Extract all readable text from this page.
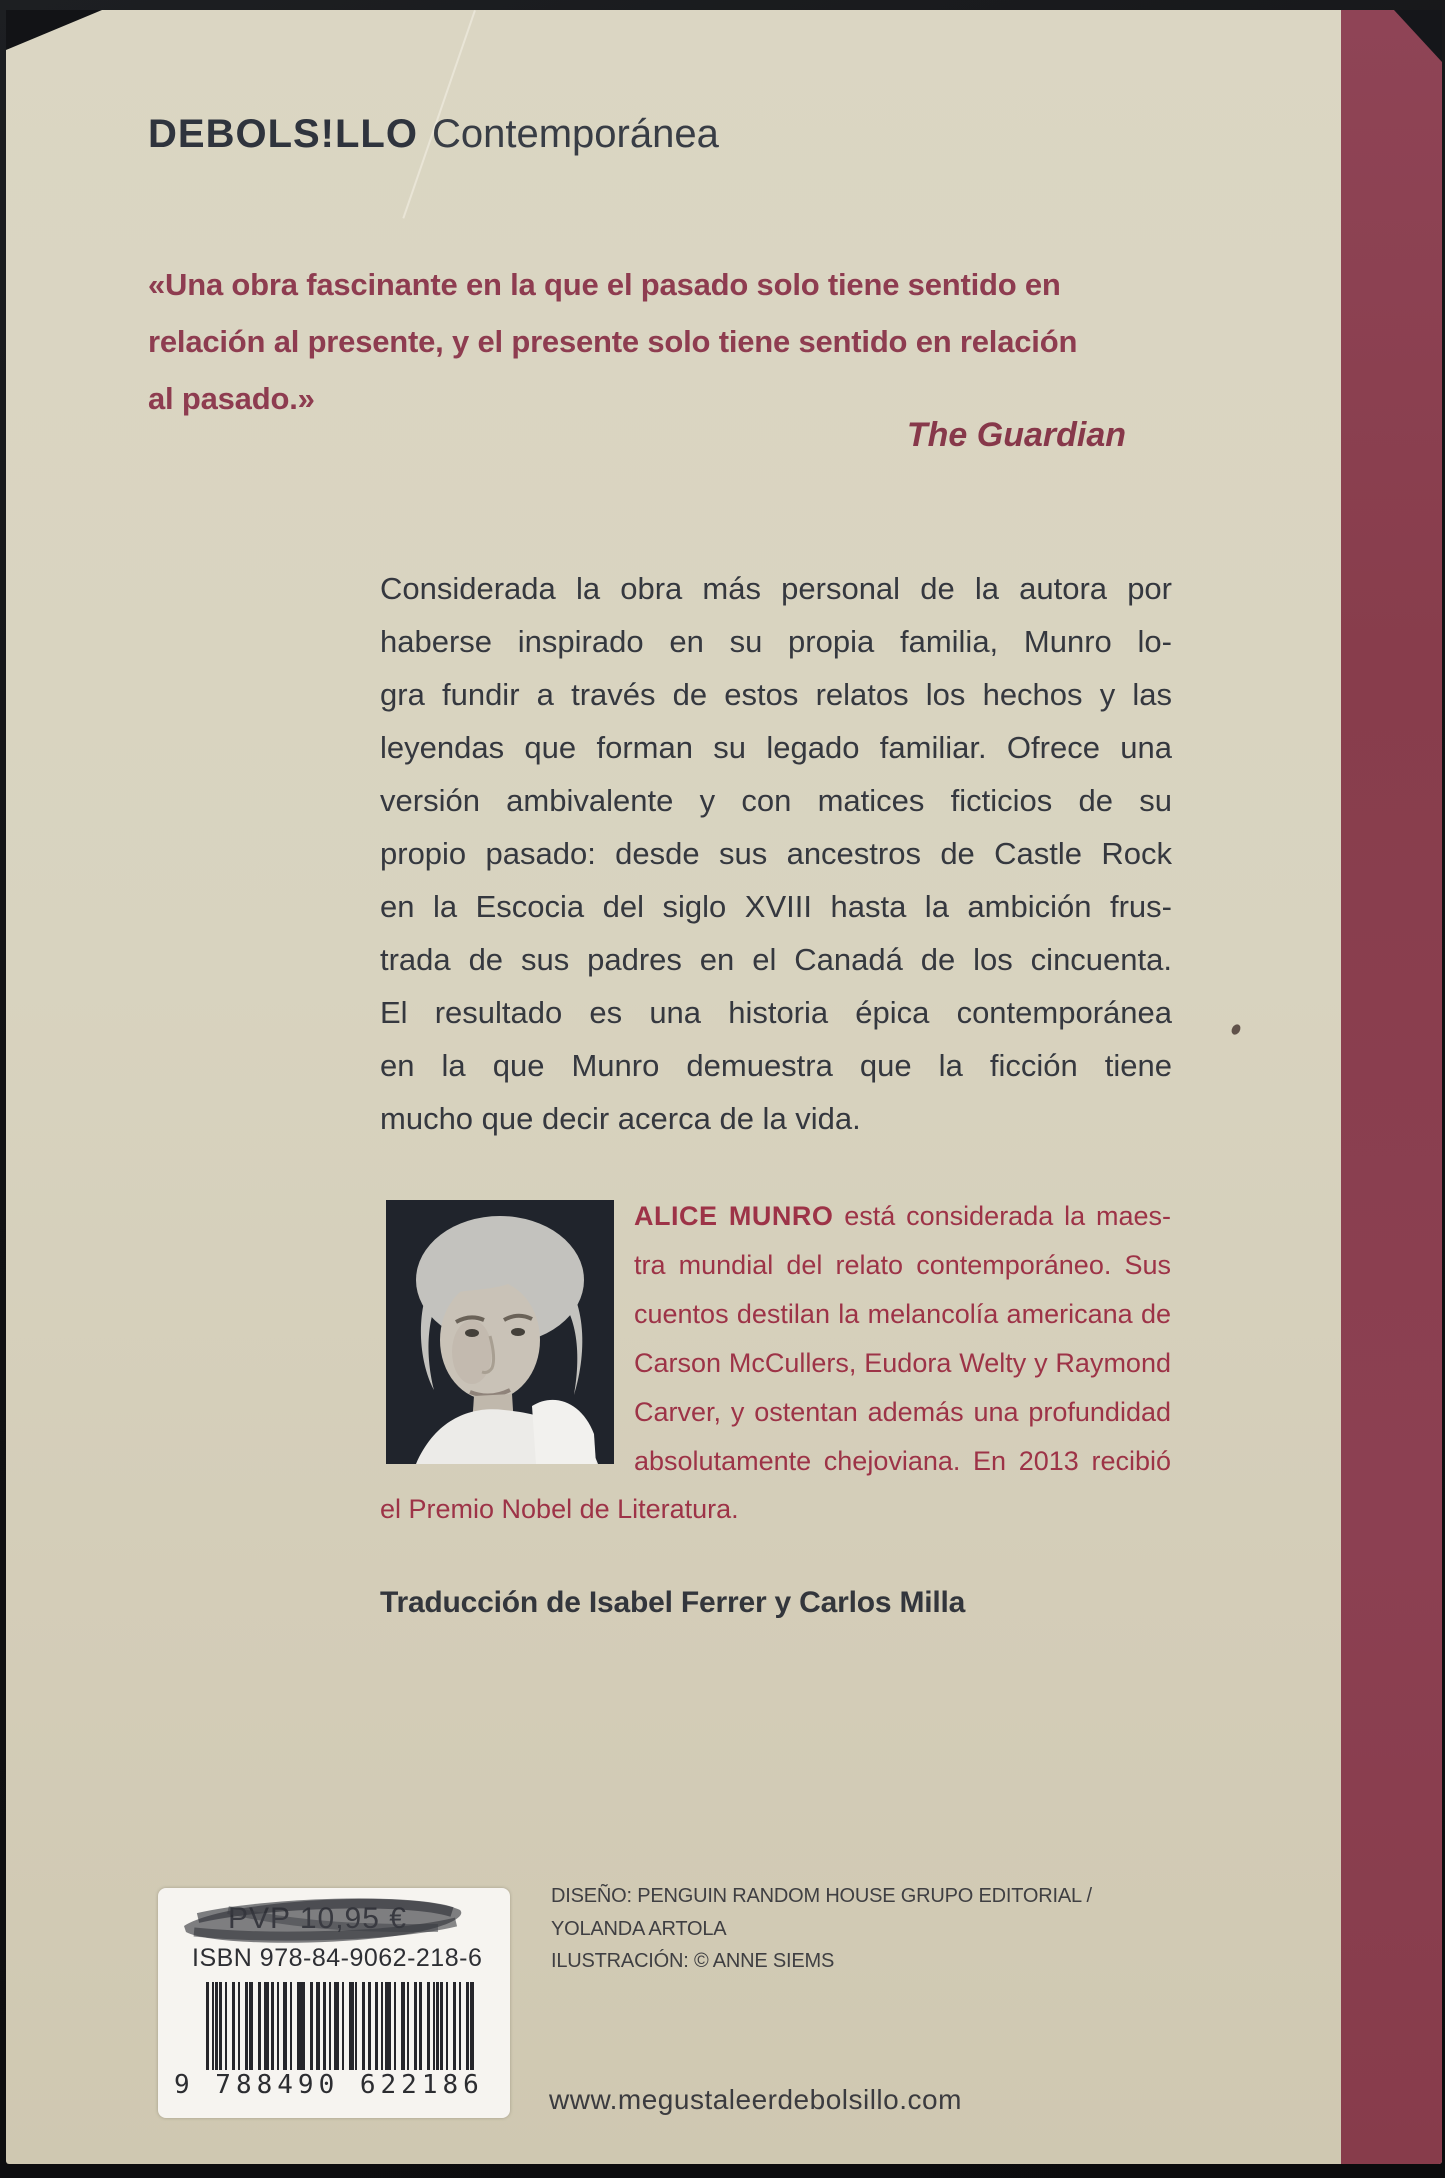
DEBOLS!LLO Contemporánea
«Una obra fascinante en la que el pasado solo tiene sentido en
relación al presente, y el presente solo tiene sentido en relación
al pasado.»
The Guardian
Considerada la obra más personal de la autora por
haberse inspirado en su propia familia, Munro lo-
gra fundir a través de estos relatos los hechos y las
leyendas que forman su legado familiar. Ofrece una
versión ambivalente y con matices ficticios de su
propio pasado: desde sus ancestros de Castle Rock
en la Escocia del siglo XVIII hasta la ambición frus-
trada de sus padres en el Canadá de los cincuenta.
El resultado es una historia épica contemporánea
en la que Munro demuestra que la ficción tiene
mucho que decir acerca de la vida.
ALICE MUNRO está considerada la maes-
tra mundial del relato contemporáneo. Sus
cuentos destilan la melancolía americana de
Carson McCullers, Eudora Welty y Raymond
Carver, y ostentan además una profundidad
absolutamente chejoviana. En 2013 recibió
el Premio Nobel de Literatura.
Traducción de Isabel Ferrer y Carlos Milla
ISBN 978-84-9062-218-6
9 788490 622186
DISEÑO: PENGUIN RANDOM HOUSE GRUPO EDITORIAL /
YOLANDA ARTOLA
ILUSTRACIÓN: © ANNE SIEMS
www.megustaleerdebolsillo.com
